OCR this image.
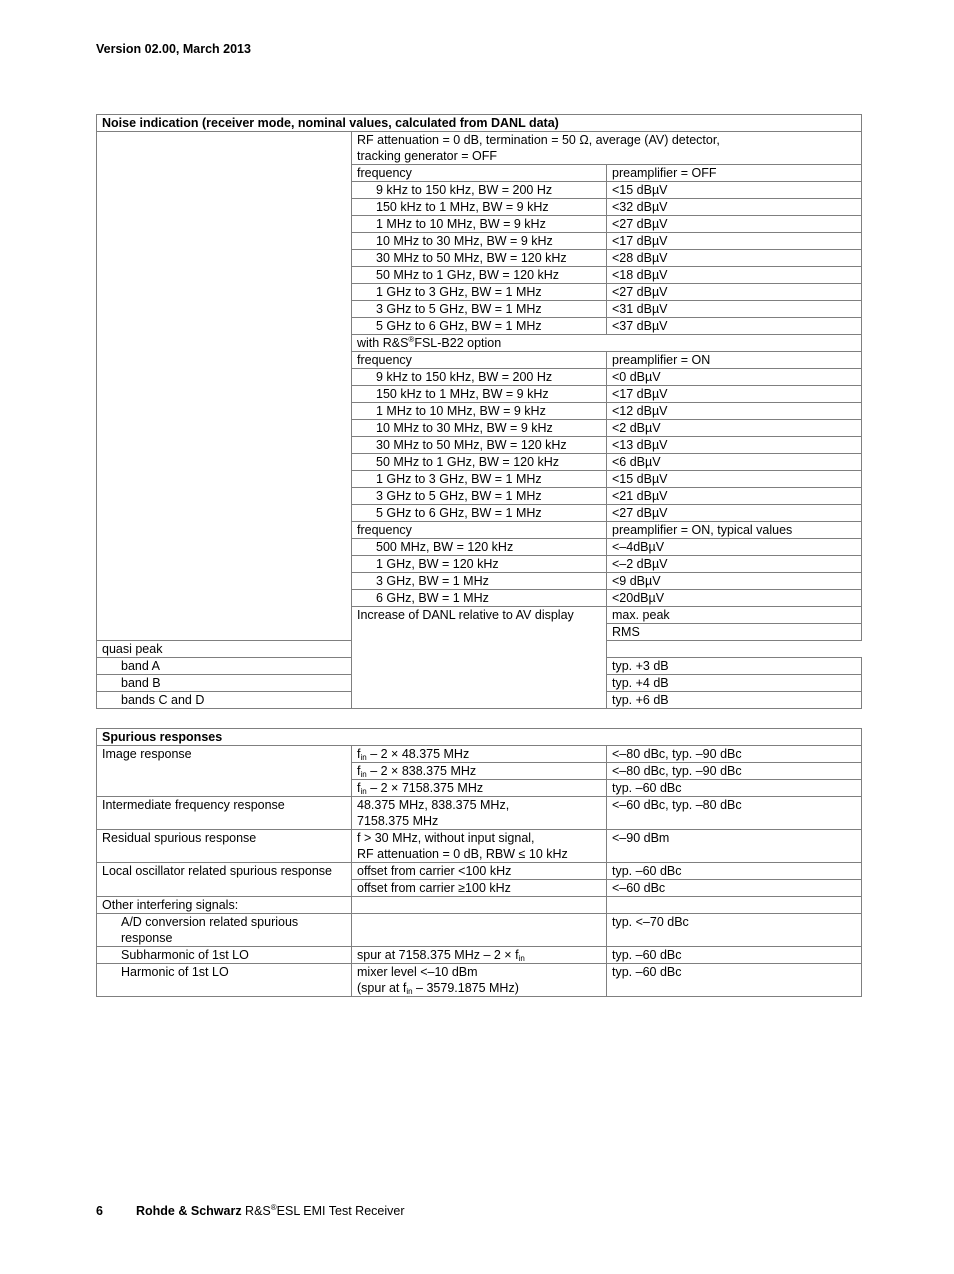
Version 02.00, March 2013
Noise indication (receiver mode, nominal values, calculated from DANL data)			
	RF attenuation = 0 dB, termination = 50 Ω, average (AV) detector,
tracking generator = OFF		
	frequency	preamplifier = OFF	
	9 kHz to 150 kHz, BW = 200 Hz	<15 dBµV	
	150 kHz to 1 MHz, BW = 9 kHz	<32 dBµV	
	1 MHz to 10 MHz, BW = 9 kHz	<27 dBµV	
	10 MHz to 30 MHz, BW = 9 kHz	<17 dBµV	
	30 MHz to 50 MHz, BW = 120 kHz	<28 dBµV	
	50 MHz to 1 GHz, BW = 120 kHz	<18 dBµV	
	1 GHz to 3 GHz, BW = 1 MHz	<27 dBµV	
	3 GHz to 5 GHz, BW = 1 MHz	<31 dBµV	
	5 GHz to 6 GHz, BW = 1 MHz	<37 dBµV	
	with R&S®FSL-B22 option		
	frequency	preamplifier = ON	
	9 kHz to 150 kHz, BW = 200 Hz	<0 dBµV	
	150 kHz to 1 MHz, BW = 9 kHz	<17 dBµV	
	1 MHz to 10 MHz, BW = 9 kHz	<12 dBµV	
	10 MHz to 30 MHz, BW = 9 kHz	<2 dBµV	
	30 MHz to 50 MHz, BW = 120 kHz	<13 dBµV	
	50 MHz to 1 GHz, BW = 120 kHz	<6 dBµV	
	1 GHz to 3 GHz, BW = 1 MHz	<15 dBµV	
	3 GHz to 5 GHz, BW = 1 MHz	<21 dBµV	
	5 GHz to 6 GHz, BW = 1 MHz	<27 dBµV	
	frequency	preamplifier = ON, typical values	
	500 MHz, BW = 120 kHz	<–4dBµV	
	1 GHz, BW = 120 kHz	<–2 dBµV	
	3 GHz, BW = 1 MHz	<9 dBµV	
	6 GHz, BW = 1 MHz	<20dBµV	
	Increase of DANL relative to AV display	max. peak	
		RMS	
quasi peak			
band A		typ. +3 dB	
band B		typ. +4 dB	
bands C and D		typ. +6 dB	
Spurious responses		
Image response	fin – 2 × 48.375 MHz	<–80 dBc, typ. –90 dBc
	fin – 2 × 838.375 MHz	<–80 dBc, typ. –90 dBc
	fin – 2 × 7158.375 MHz	typ. –60 dBc
Intermediate frequency response	48.375 MHz, 838.375 MHz,
7158.375 MHz	<–60 dBc, typ. –80 dBc
Residual spurious response	f > 30 MHz, without input signal,
RF attenuation = 0 dB, RBW ≤ 10 kHz	<–90 dBm
Local oscillator related spurious response	offset from carrier <100 kHz	typ. –60 dBc
	offset from carrier ≥100 kHz	<–60 dBc
Other interfering signals:		
A/D conversion related spurious response		typ. <–70 dBc
Subharmonic of 1st LO	spur at 7158.375 MHz – 2 × fin	typ. –60 dBc
Harmonic of 1st LO	mixer level <–10 dBm
(spur at fin – 3579.1875 MHz)	typ. –60 dBc
6	Rohde & Schwarz R&S®ESL EMI Test Receiver
